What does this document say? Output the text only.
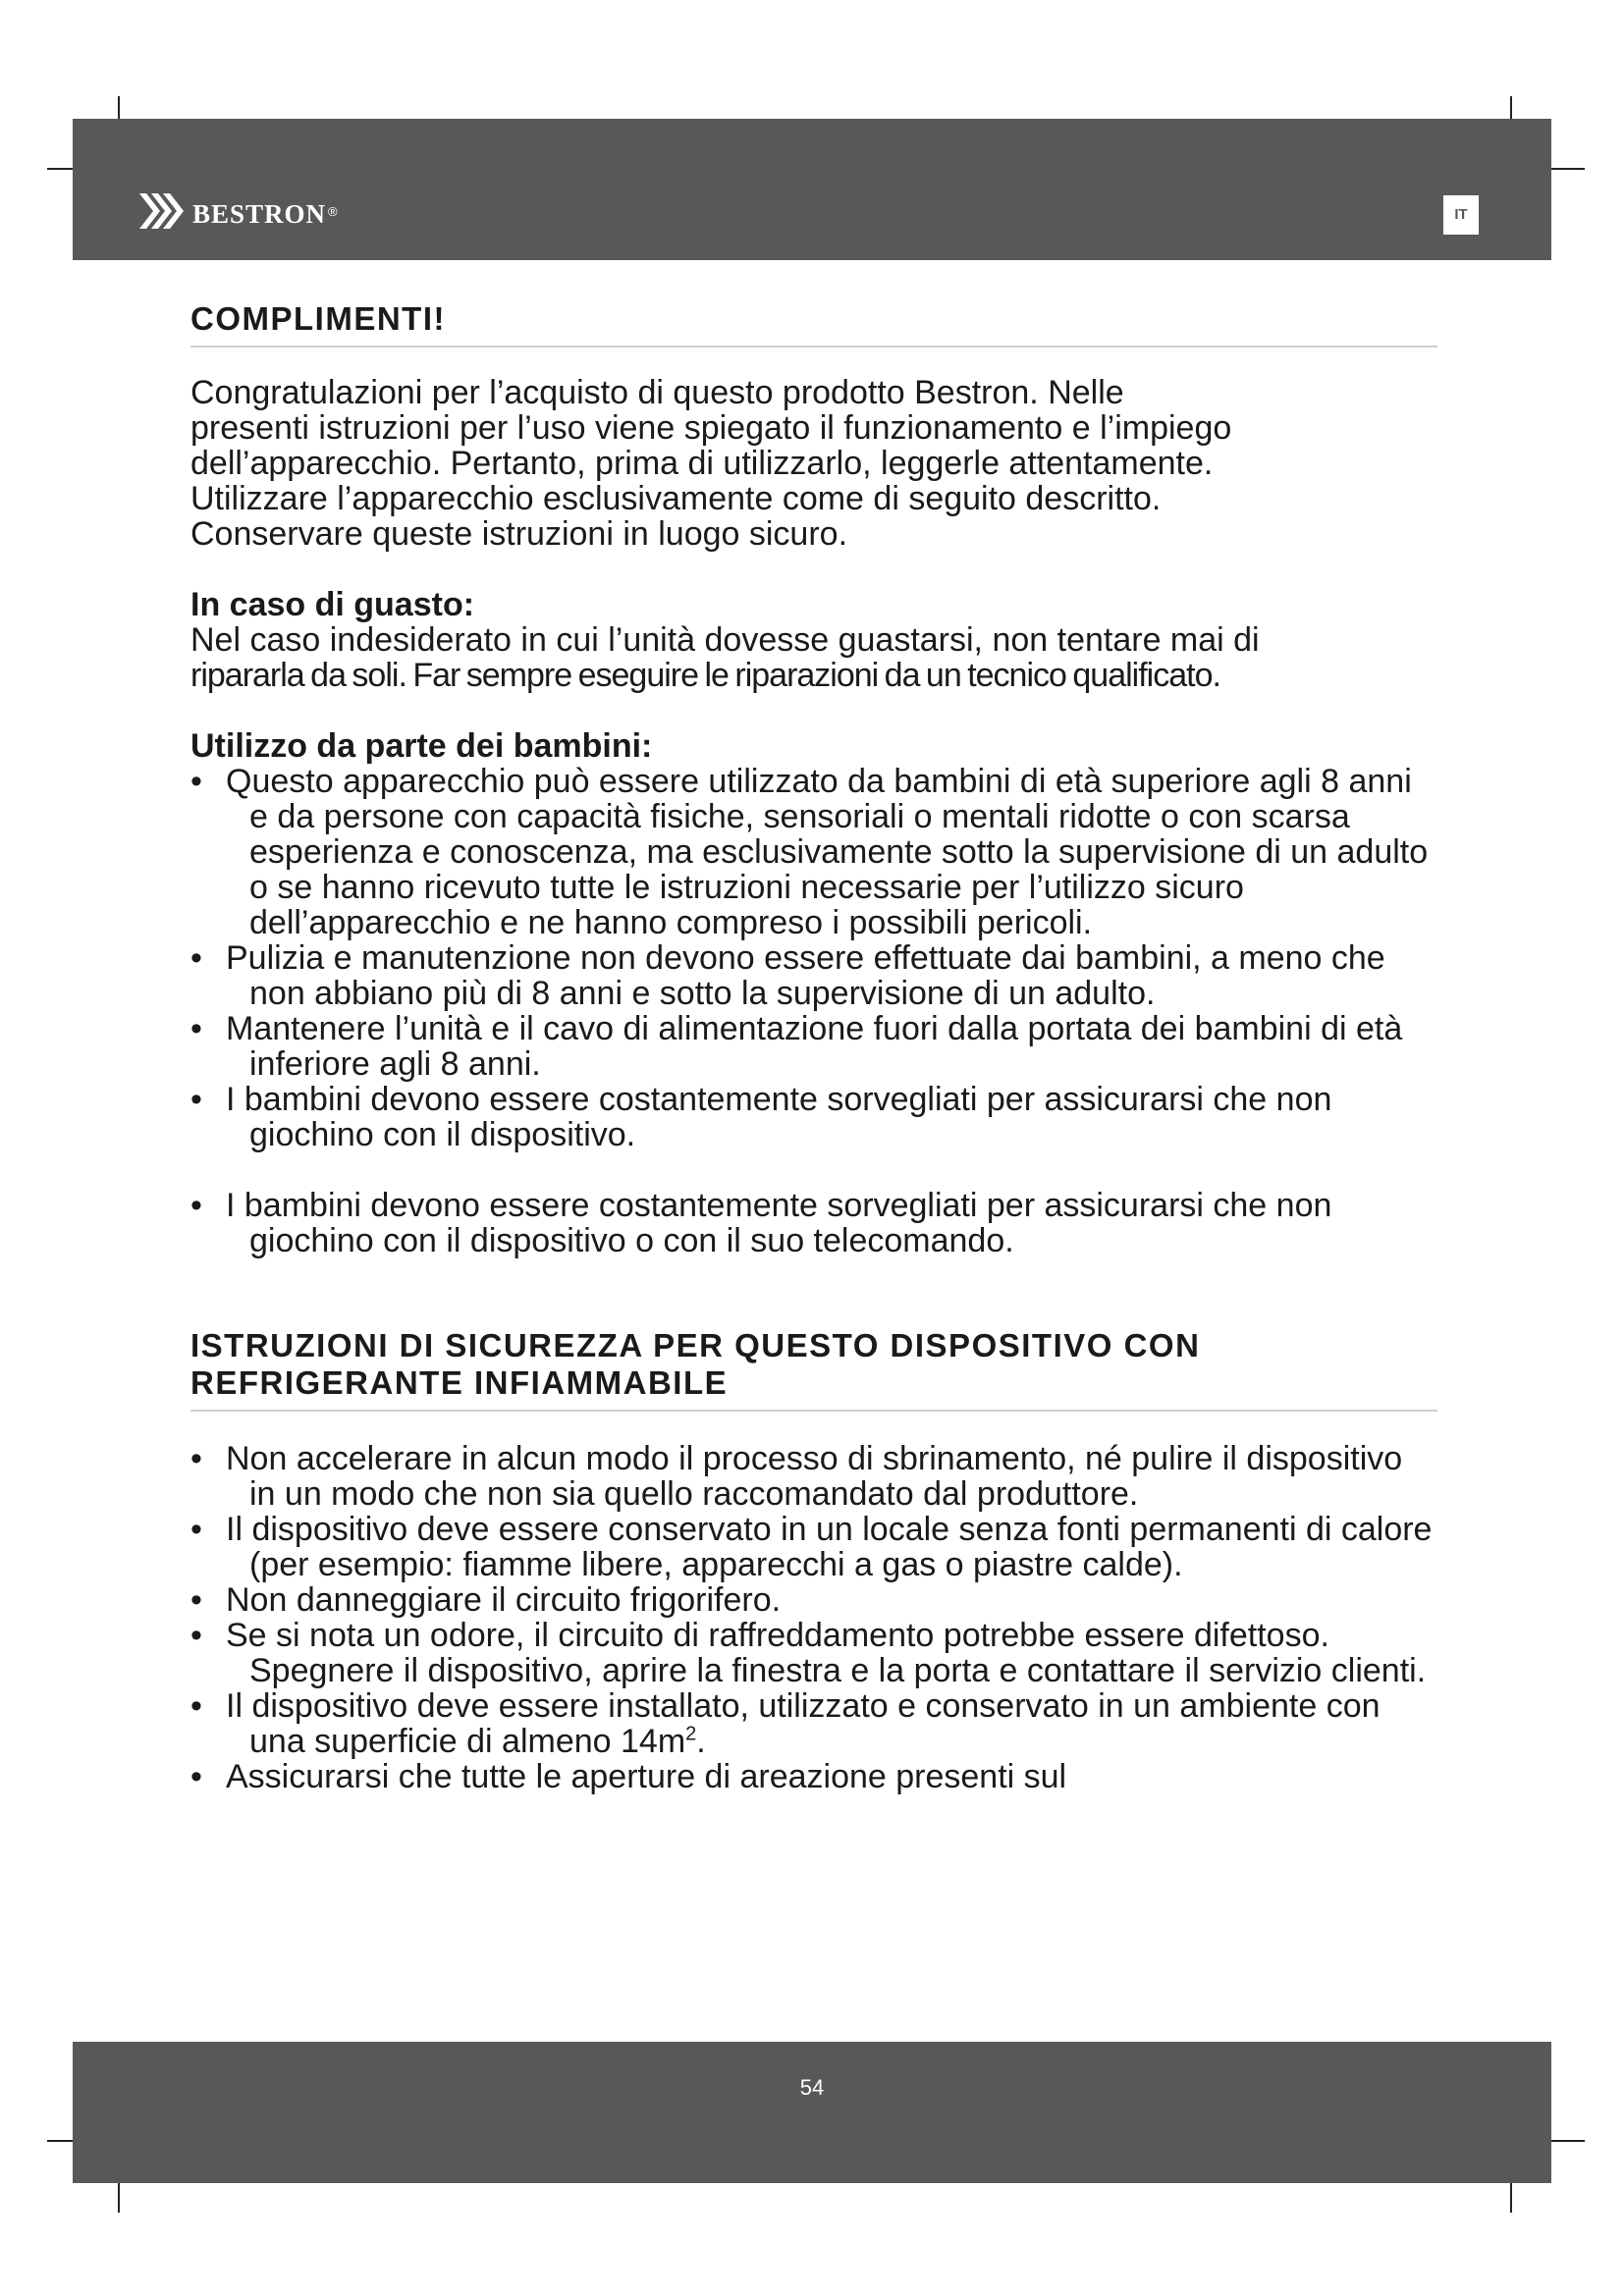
bestron ®	IT
COMPLIMENTI!

Congratulazioni per l’acquisto di questo prodotto Bestron. Nelle

presenti istruzioni per l’uso viene spiegato il funzionamento e l’impiego

dell’apparecchio. Pertanto, prima di utilizzarlo, leggerle attentamente.

Utilizzare l’apparecchio esclusivamente come di seguito descritto.

Conservare queste istruzioni in luogo sicuro.

In caso di guasto:

Nel caso indesiderato in cui l’unità dovesse guastarsi, non tentare mai di

ripararla da soli. Far sempre eseguire le riparazioni da un tecnico qualificato.

Utilizzo da parte dei bambini:

• Questo apparecchio può essere utilizzato da bambini di età superiore agli 8 anni e da persone con capacità fisiche, sensoriali o mentali ridotte o con scarsa esperienza e conoscenza, ma esclusivamente sotto la supervisione di un adulto o se hanno ricevuto tutte le istruzioni necessarie per l’utilizzo sicuro dell’apparecchio e ne hanno compreso i possibili pericoli.
• Pulizia e manutenzione non devono essere effettuate dai bambini, a meno che non abbiano più di 8 anni e sotto la supervisione di un adulto.
• Mantenere l’unità e il cavo di alimentazione fuori dalla portata dei bambini di età inferiore agli 8 anni.
• I bambini devono essere costantemente sorvegliati per assicurarsi che non giochino con il dispositivo.
• I bambini devono essere costantemente sorvegliati per assicurarsi che non giochino con il dispositivo o con il suo telecomando.
ISTRUZIONI DI SICUREZZA PER QUESTO DISPOSITIVO CON
REFRIGERANTE INFIAMMABILE
• Non accelerare in alcun modo il processo di sbrinamento, né pulire il dispositivo in un modo che non sia quello raccomandato dal produttore.
• Il dispositivo deve essere conservato in un locale senza fonti permanenti di calore (per esempio: fiamme libere, apparecchi a gas o piastre calde).
• Non danneggiare il circuito frigorifero.
• Se si nota un odore, il circuito di raffreddamento potrebbe essere difettoso. Spegnere il dispositivo, aprire la finestra e la porta e contattare il servizio clienti.
• Il dispositivo deve essere installato, utilizzato e conservato in un ambiente con una superficie di almeno $14m^2$.
• Assicurarsi che tutte le aperture di areazione presenti sul
54
